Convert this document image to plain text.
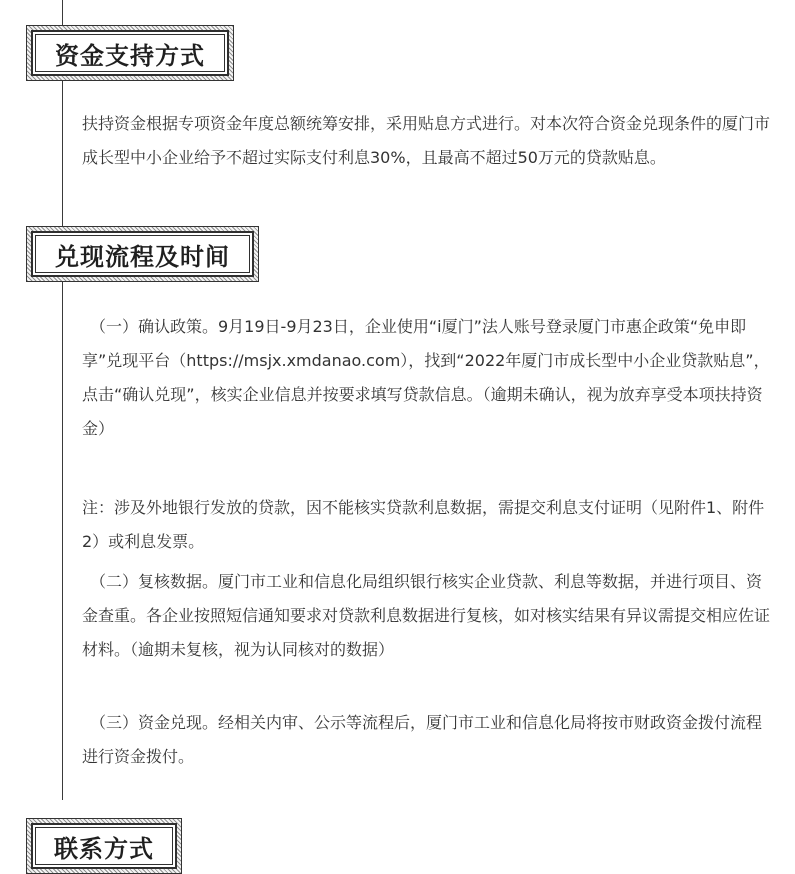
资金支持方式

扶持资金根据专项资金年度总额统筹安排，采用贴息方式进行。对本次符合资金兑现条件的厦门市成长型中小企业给予不超过实际支付利息30%，且最高不超过50万元的贷款贴息。

兑现流程及时间

（一）确认政策。9月19日-9月23日，企业使用“i厦门”法人账号登录厦门市惠企政策“免申即享”兑现平台（https://msjx.xmdanao.com），找到“2022年厦门市成长型中小企业贷款贴息”，点击“确认兑现”，核实企业信息并按要求填写贷款信息。（逾期未确认，视为放弃享受本项扶持资金）

注：涉及外地银行发放的贷款，因不能核实贷款利息数据，需提交利息支付证明（见附件1、附件2）或利息发票。

（二）复核数据。厦门市工业和信息化局组织银行核实企业贷款、利息等数据，并进行项目、资金查重。各企业按照短信通知要求对贷款利息数据进行复核，如对核实结果有异议需提交相应佐证材料。（逾期未复核，视为认同核对的数据）

（三）资金兑现。经相关内审、公示等流程后，厦门市工业和信息化局将按市财政资金拨付流程进行资金拨付。

联系方式
